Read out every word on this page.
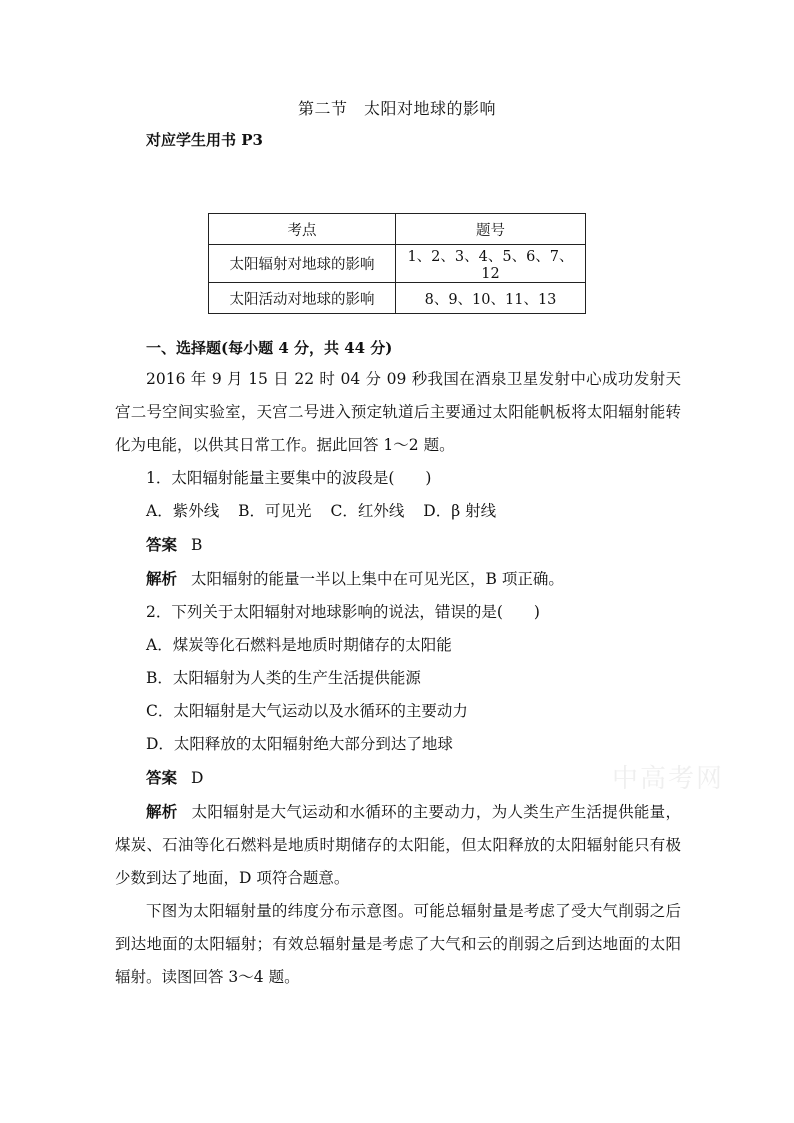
第二节　太阳对地球的影响
对应学生用书 P3
考点	题号
太阳辐射对地球的影响	1、2、3、4、5、6、7、12
太阳活动对地球的影响	8、9、10、11、13
一、选择题(每小题 4 分，共 44 分)

2016 年 9 月 15 日 22 时 04 分 09 秒我国在酒泉卫星发射中心成功发射天宫二号空间实验室，天宫二号进入预定轨道后主要通过太阳能帆板将太阳辐射能转化为电能，以供其日常工作。据此回答 1～2 题。

1．太阳辐射能量主要集中的波段是(　　)

A．紫外线 B．可见光 C．红外线 D．β 射线

答案 B

解析 太阳辐射的能量一半以上集中在可见光区，B 项正确。

2．下列关于太阳辐射对地球影响的说法，错误的是(　　)

A．煤炭等化石燃料是地质时期储存的太阳能

B．太阳辐射为人类的生产生活提供能源

C．太阳辐射是大气运动以及水循环的主要动力

D．太阳释放的太阳辐射绝大部分到达了地球

答案 D

解析 太阳辐射是大气运动和水循环的主要动力，为人类生产生活提供能量，煤炭、石油等化石燃料是地质时期储存的太阳能，但太阳释放的太阳辐射能只有极少数到达了地面，D 项符合题意。

下图为太阳辐射量的纬度分布示意图。可能总辐射量是考虑了受大气削弱之后到达地面的太阳辐射；有效总辐射量是考虑了大气和云的削弱之后到达地面的太阳辐射。读图回答 3～4 题。

中高考网
